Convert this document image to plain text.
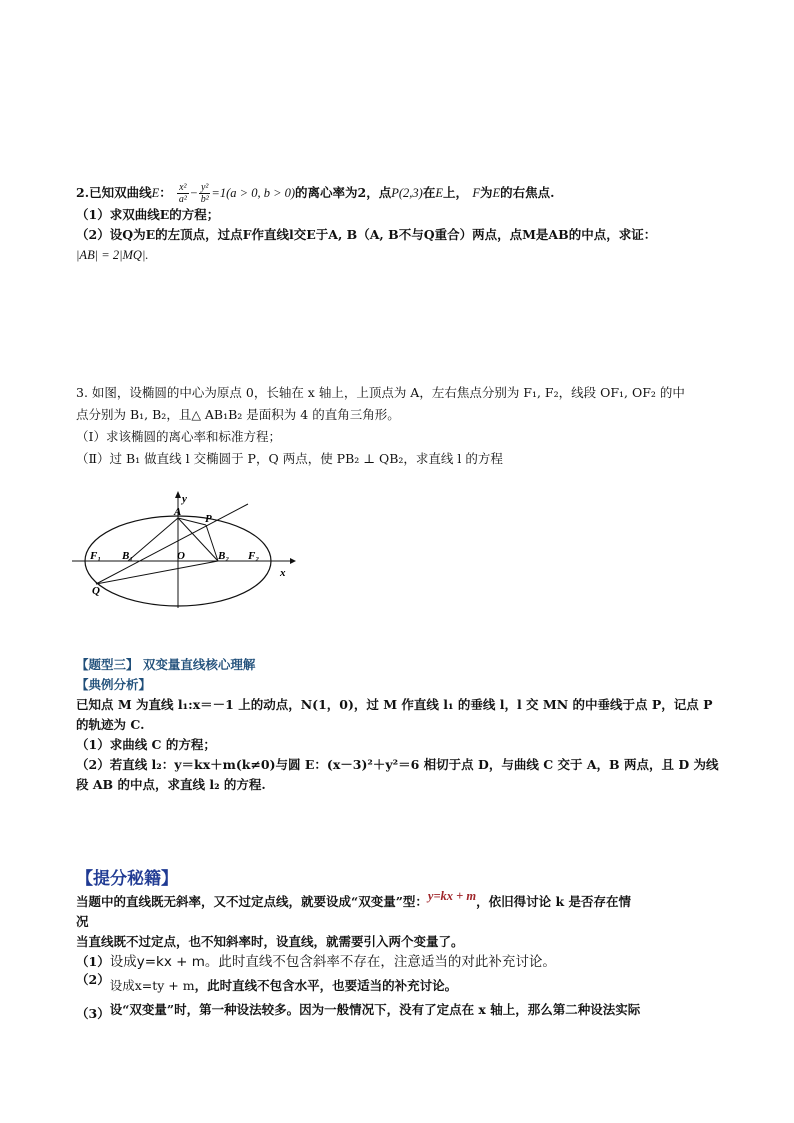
2.已知双曲线E： $\frac{\text{x²}}{\text{a²}} - \frac{\text{y²}}{\text{b²}} =1(a > 0$, b > 0)的离心率为2，点P(2,3)在E上， F为E的右焦点.
（1）求双曲线E的方程；
（2）设Q为E的左顶点，过点F作直线l交E于A, B（A, B不与Q重合）两点，点M是AB的中点，求证：
|AB| = 2|MQ|.
3. 如图，设椭圆的中心为原点 0，长轴在 x 轴上，上顶点为 A，左右焦点分别为 F₁, F₂，线段 OF₁, OF₂ 的中
点分别为 B₁, B₂，且△ AB₁B₂ 是面积为 4 的直角三角形。
（Ⅰ）求该椭圆的离心率和标准方程；
（Ⅱ）过 B₁ 做直线 l 交椭圆于 P，Q 两点，使 PB₂ ⊥ QB₂，求直线 l 的方程
y
A
P
F₁ B₁	O	B₂ F₂
x
Q
【题型三】 双变量直线核心理解
【典例分析】
已知点 M 为直线 l₁:x＝－1 上的动点，N(1，0)，过 M 作直线 l₁ 的垂线 l，l 交 MN 的中垂线于点 P，记点 P
的轨迹为 C.
（1）求曲线 C 的方程；
（2）若直线 l₂：y＝kx＋m(k≠0)与圆 E：(x－3)²＋y²＝6 相切于点 D，与曲线 C 交于 A，B 两点，且 D 为线
段 AB 的中点，求直线 l₂ 的方程.
【提分秘籍】
当题中的直线既无斜率，又不过定点线，就要设成“双变量”型：y=kx + m，依旧得讨论 k 是否存在情
况
当直线既不过定点，也不知斜率时，设直线，就需要引入两个变量了。
（1）设成y=kx + m。此时直线不包含斜率不存在，注意适当的对此补充讨论。
（2）设成x=ty + m，此时直线不包含水平，也要适当的补充讨论。
（3）设“双变量”时，第一种设法较多。因为一般情况下，没有了定点在 x 轴上，那么第二种设法实际
